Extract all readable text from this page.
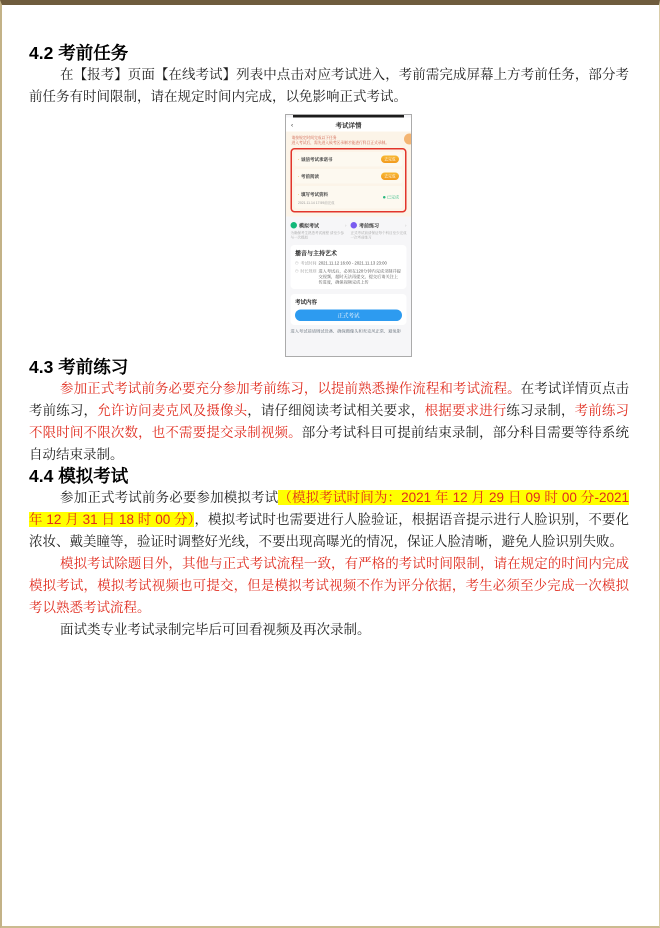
4.2 考前任务

在【报考】页面【在线考试】列表中点击对应考试进入，考前需完成屏幕上方考前任务，部分考前任务有时间限制，请在规定时间内完成，以免影响正式考试。

‹	考试详情
请按规定时间完成以下任务
进入考试后，需先进入候考区录制才能进行科目正式录制。
· 诚信考试承诺书	去完成
· 考前阅读	去完成
· 填写考试资料
2021.11.14 17:59前完成
已完成
模拟考试	›
为确保考生熟悉考试流程 请至少参与一次模拟
考前练习	›
正式考试前请保证每个科目至少完成一次考前练习
播音与主持艺术
◷ 考试时间 2021.11.12 16:00 - 2021.11.13 23:00
◷ 时长规则 进入考试后，必须在120分钟内完成录制并提交视频，超时无法再提交，提交后请关注上传进度，确保视频完成上传
考试内容
正式考试
进入考试前请调试设备，确保摄像头和麦克风正常，避免影
4.3 考前练习

参加正式考试前务必要充分参加考前练习，以提前熟悉操作流程和考试流程。在考试详情页点击考前练习，允许访问麦克风及摄像头，请仔细阅读考试相关要求，根据要求进行练习录制，考前练习不限时间不限次数，也不需要提交录制视频。部分考试科目可提前结束录制，部分科目需要等待系统自动结束录制。

4.4 模拟考试

参加正式考试前务必要参加模拟考试（模拟考试时间为：2021 年 12 月 29 日 09 时 00 分-2021 年 12 月 31 日 18 时 00 分），模拟考试时也需要进行人脸验证，根据语音提示进行人脸识别，不要化浓妆、戴美瞳等，验证时调整好光线，不要出现高曝光的情况，保证人脸清晰，避免人脸识别失败。

模拟考试除题目外，其他与正式考试流程一致，有严格的考试时间限制，请在规定的时间内完成模拟考试，模拟考试视频也可提交，但是模拟考试视频不作为评分依据，考生必须至少完成一次模拟考以熟悉考试流程。

面试类专业考试录制完毕后可回看视频及再次录制。
